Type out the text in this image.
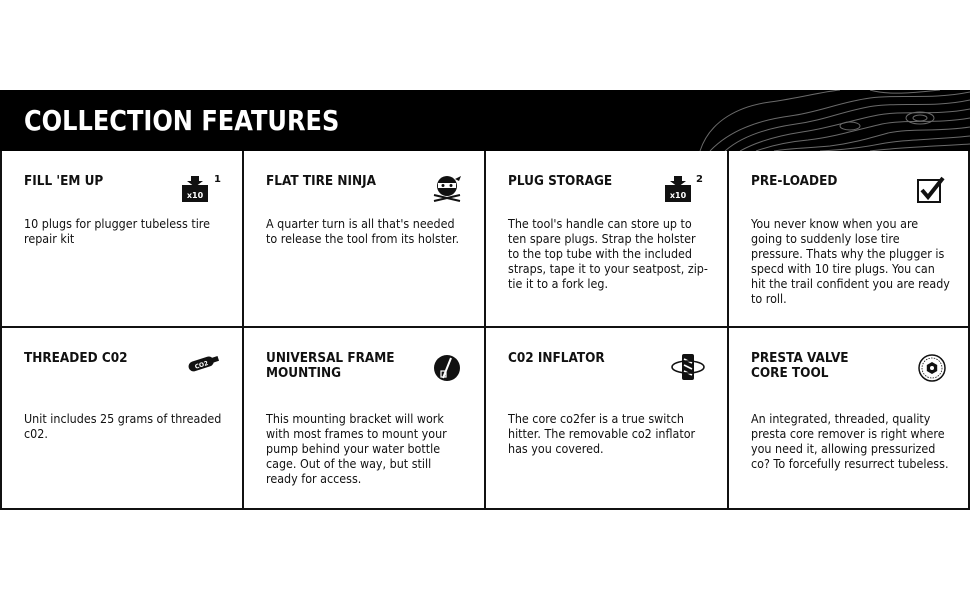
COLLECTION FEATURES
FILL 'EM UP
x10
1

10 plugs for plugger tubeless tire repair kit

FLAT TIRE NINJA

A quarter turn is all that's needed to release the tool from its holster.

PLUG STORAGE
x10
2

The tool's handle can store up to ten spare plugs. Strap the holster to the top tube with the included straps, tape it to your seatpost, zip-tie it to a fork leg.

PRE-LOADED

You never know when you are going to suddenly lose tire pressure. Thats why the plugger is specd with 10 tire plugs. You can hit the trail confident you are ready to roll.

THREADED C02	CO2

Unit includes 25 grams of threaded c02.

UNIVERSAL FRAME
MOUNTING

This mounting bracket will work with most frames to mount your pump behind your water bottle cage. Out of the way, but still ready for access.

C02 INFLATOR

The core co2fer is a true switch hitter. The removable co2 inflator has you covered.

PRESTA VALVE
CORE TOOL

An integrated, threaded, quality presta core remover is right where you need it, allowing pressurized co? To forcefully resurrect tubeless.
